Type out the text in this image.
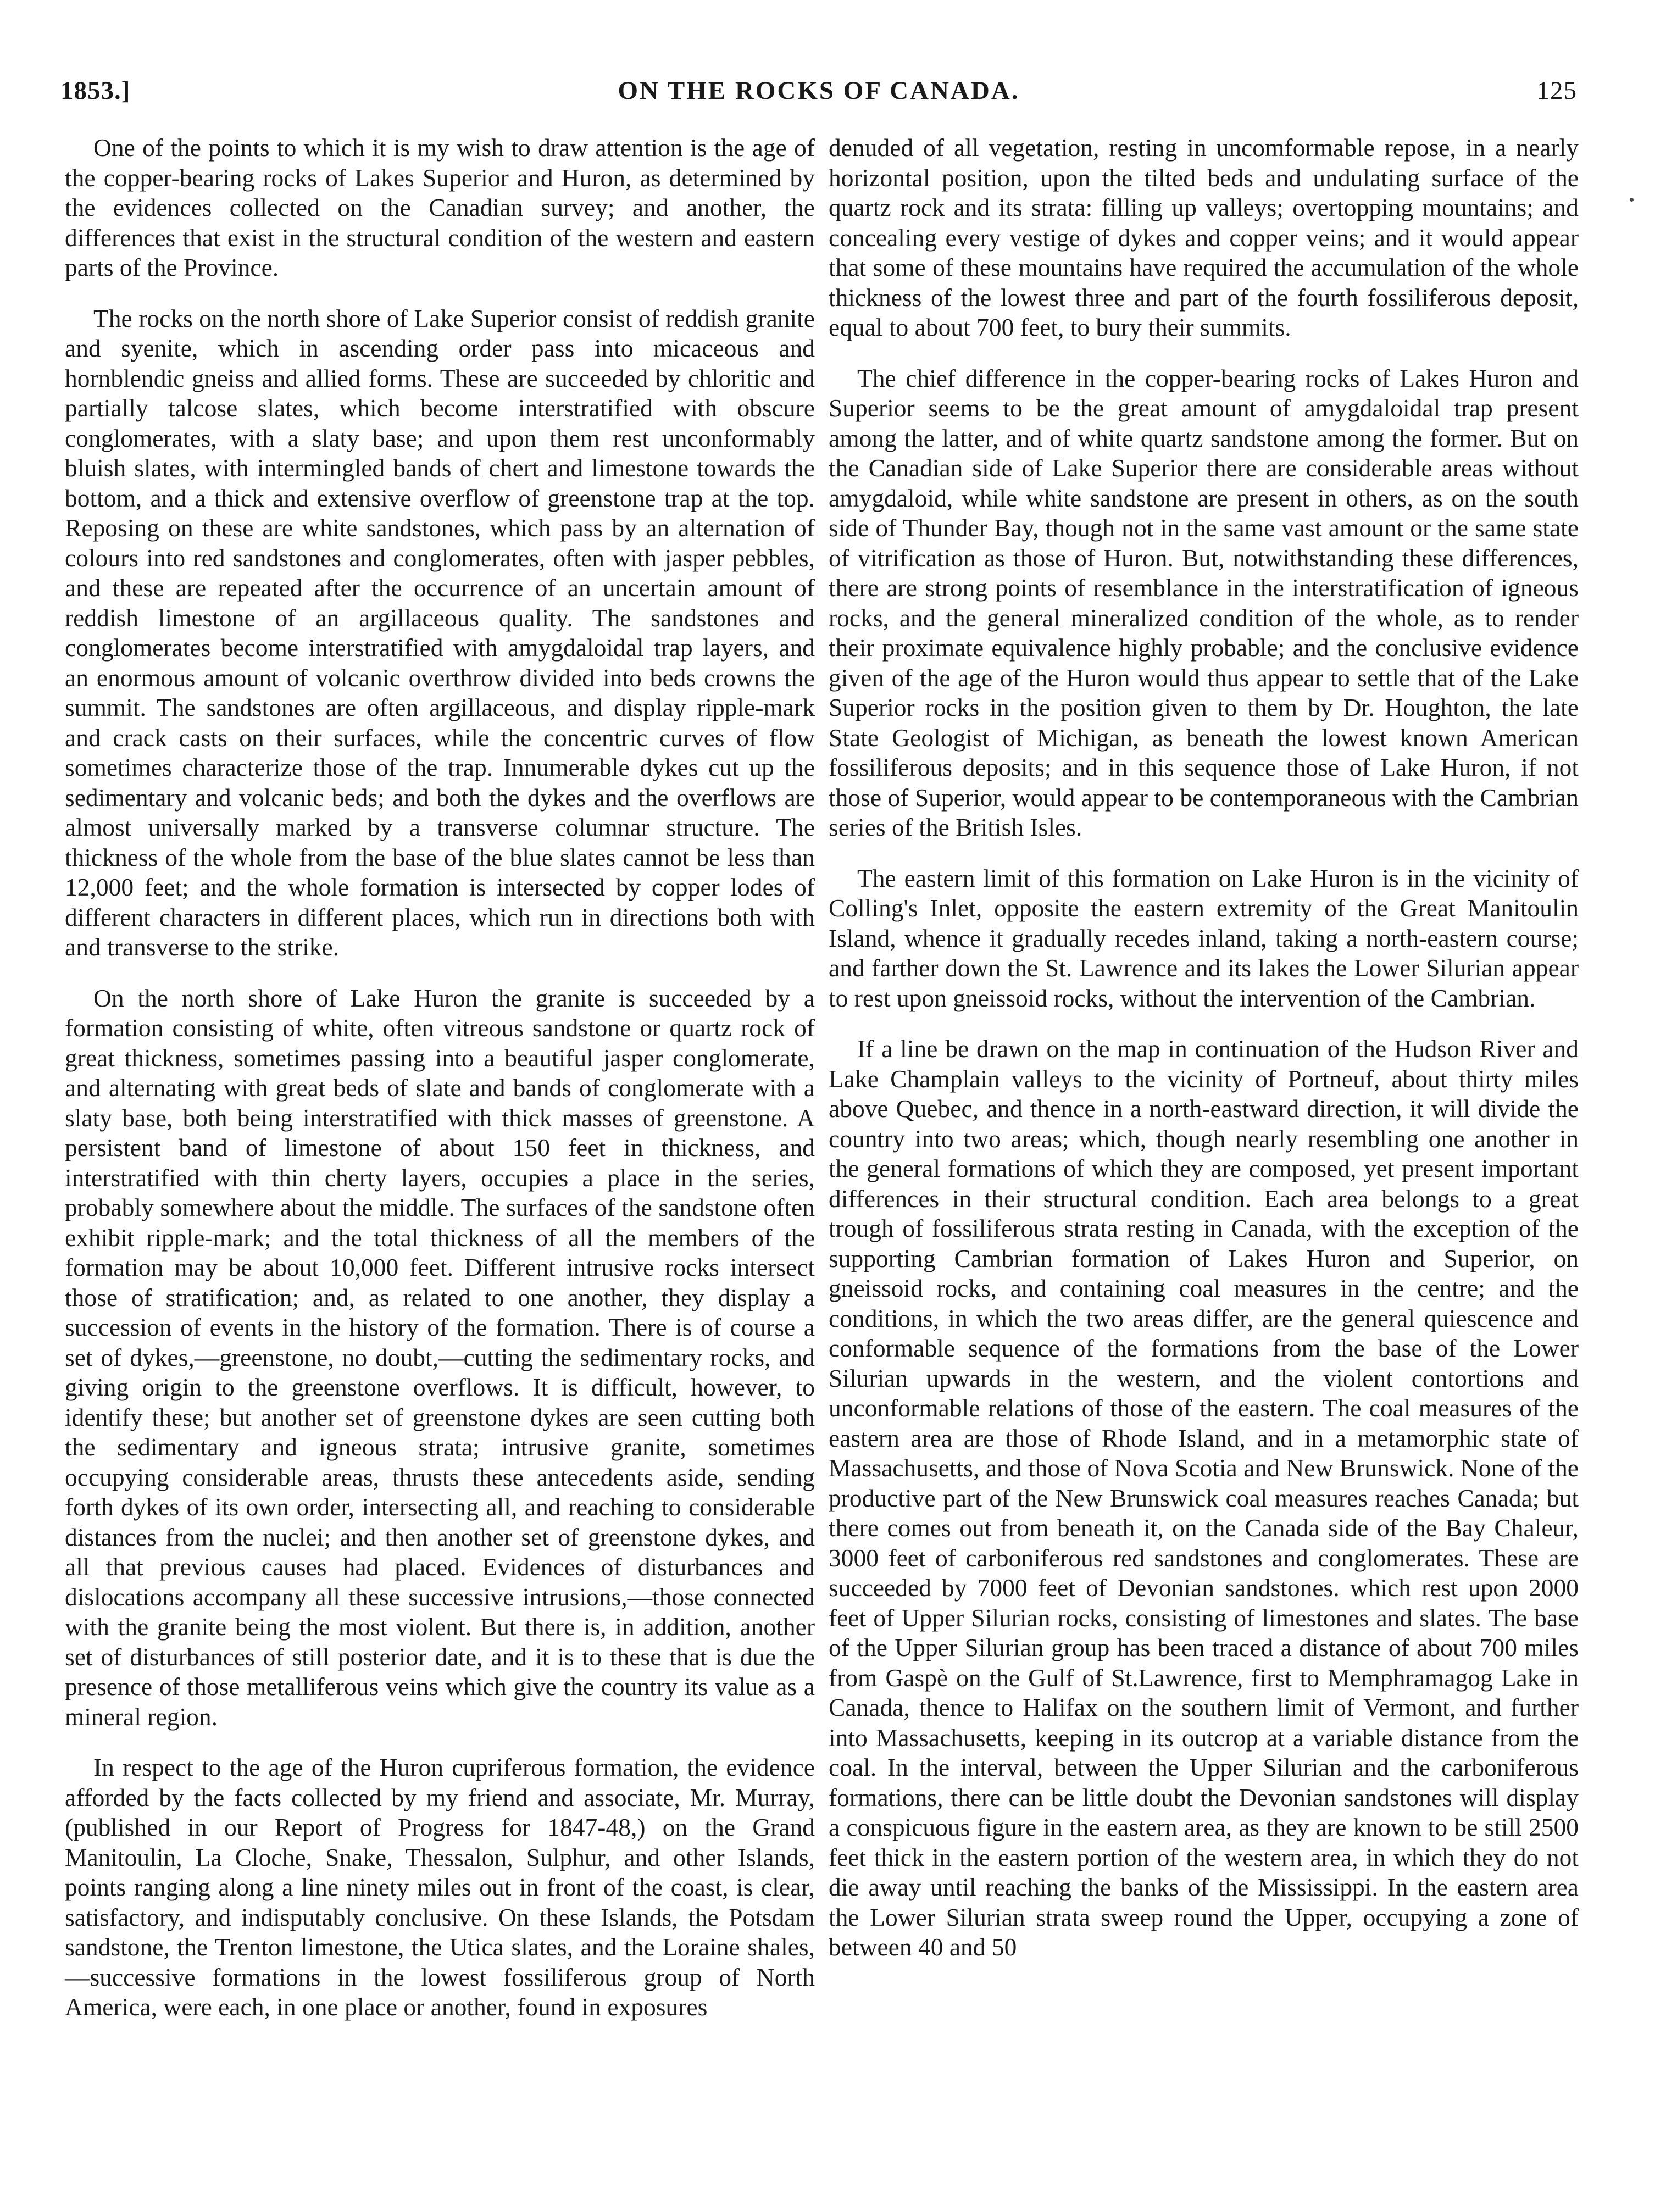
1853.]	ON THE ROCKS OF CANADA.	125

One of the points to which it is my wish to draw attention is the age of the copper-bearing rocks of Lakes Superior and Huron, as determined by the evidences collected on the Canadian survey; and another, the differences that exist in the structural condition of the western and eastern parts of the Province.

The rocks on the north shore of Lake Superior consist of reddish granite and syenite, which in ascending order pass into micaceous and hornblendic gneiss and allied forms. These are succeeded by chloritic and partially talcose slates, which become interstratified with obscure conglomerates, with a slaty base; and upon them rest unconformably bluish slates, with intermingled bands of chert and limestone towards the bottom, and a thick and extensive overflow of greenstone trap at the top. Reposing on these are white sandstones, which pass by an alternation of colours into red sandstones and conglomerates, often with jasper pebbles, and these are repeated after the occurrence of an uncertain amount of reddish limestone of an argillaceous quality. The sandstones and conglomerates become interstratified with amygdaloidal trap layers, and an enormous amount of volcanic overthrow divided into beds crowns the summit. The sandstones are often argillaceous, and display ripple-mark and crack casts on their surfaces, while the concentric curves of flow sometimes characterize those of the trap. Innumerable dykes cut up the sedimentary and volcanic beds; and both the dykes and the overflows are almost universally marked by a transverse columnar structure. The thickness of the whole from the base of the blue slates cannot be less than 12,000 feet; and the whole formation is intersected by copper lodes of different characters in different places, which run in directions both with and transverse to the strike.

On the north shore of Lake Huron the granite is succeeded by a formation consisting of white, often vitreous sandstone or quartz rock of great thickness, sometimes passing into a beautiful jasper conglomerate, and alternating with great beds of slate and bands of conglomerate with a slaty base, both being interstratified with thick masses of greenstone. A persistent band of limestone of about 150 feet in thickness, and interstratified with thin cherty layers, occupies a place in the series, probably somewhere about the middle. The surfaces of the sandstone often exhibit ripple-mark; and the total thickness of all the members of the formation may be about 10,000 feet. Different intrusive rocks intersect those of stratification; and, as related to one another, they display a succession of events in the history of the formation. There is of course a set of dykes,—greenstone, no doubt,—cutting the sedimentary rocks, and giving origin to the greenstone overflows. It is difficult, however, to identify these; but another set of greenstone dykes are seen cutting both the sedimentary and igneous strata; intrusive granite, sometimes occupying considerable areas, thrusts these antecedents aside, sending forth dykes of its own order, intersecting all, and reaching to considerable distances from the nuclei; and then another set of greenstone dykes, and all that previous causes had placed. Evidences of disturbances and dislocations accompany all these successive intrusions,—those connected with the granite being the most violent. But there is, in addition, another set of disturbances of still posterior date, and it is to these that is due the presence of those metalliferous veins which give the country its value as a mineral region.

In respect to the age of the Huron cupriferous formation, the evidence afforded by the facts collected by my friend and associate, Mr. Murray, (published in our Report of Progress for 1847-48,) on the Grand Manitoulin, La Cloche, Snake, Thessalon, Sulphur, and other Islands, points ranging along a line ninety miles out in front of the coast, is clear, satisfactory, and indisputably conclusive. On these Islands, the Potsdam sandstone, the Trenton limestone, the Utica slates, and the Loraine shales,—successive formations in the lowest fossiliferous group of North America, were each, in one place or another, found in exposures

denuded of all vegetation, resting in uncomformable repose, in a nearly horizontal position, upon the tilted beds and undulating surface of the quartz rock and its strata: filling up valleys; overtopping mountains; and concealing every vestige of dykes and copper veins; and it would appear that some of these mountains have required the accumulation of the whole thickness of the lowest three and part of the fourth fossiliferous deposit, equal to about 700 feet, to bury their summits.

The chief difference in the copper-bearing rocks of Lakes Huron and Superior seems to be the great amount of amygdaloidal trap present among the latter, and of white quartz sandstone among the former. But on the Canadian side of Lake Superior there are considerable areas without amygdaloid, while white sandstone are present in others, as on the south side of Thunder Bay, though not in the same vast amount or the same state of vitrification as those of Huron. But, notwithstanding these differences, there are strong points of resemblance in the interstratification of igneous rocks, and the general mineralized condition of the whole, as to render their proximate equivalence highly probable; and the conclusive evidence given of the age of the Huron would thus appear to settle that of the Lake Superior rocks in the position given to them by Dr. Houghton, the late State Geologist of Michigan, as beneath the lowest known American fossiliferous deposits; and in this sequence those of Lake Huron, if not those of Superior, would appear to be contemporaneous with the Cambrian series of the British Isles.

The eastern limit of this formation on Lake Huron is in the vicinity of Colling's Inlet, opposite the eastern extremity of the Great Manitoulin Island, whence it gradually recedes inland, taking a north-eastern course; and farther down the St. Lawrence and its lakes the Lower Silurian appear to rest upon gneissoid rocks, without the intervention of the Cambrian.

If a line be drawn on the map in continuation of the Hudson River and Lake Champlain valleys to the vicinity of Portneuf, about thirty miles above Quebec, and thence in a north-eastward direction, it will divide the country into two areas; which, though nearly resembling one another in the general formations of which they are composed, yet present important differences in their structural condition. Each area belongs to a great trough of fossiliferous strata resting in Canada, with the exception of the supporting Cambrian formation of Lakes Huron and Superior, on gneissoid rocks, and containing coal measures in the centre; and the conditions, in which the two areas differ, are the general quiescence and conformable sequence of the formations from the base of the Lower Silurian upwards in the western, and the violent contortions and unconformable relations of those of the eastern. The coal measures of the eastern area are those of Rhode Island, and in a metamorphic state of Massachusetts, and those of Nova Scotia and New Brunswick. None of the productive part of the New Brunswick coal measures reaches Canada; but there comes out from beneath it, on the Canada side of the Bay Chaleur, 3000 feet of carboniferous red sandstones and conglomerates. These are succeeded by 7000 feet of Devonian sandstones. which rest upon 2000 feet of Upper Silurian rocks, consisting of limestones and slates. The base of the Upper Silurian group has been traced a distance of about 700 miles from Gaspè on the Gulf of St.Lawrence, first to Memphramagog Lake in Canada, thence to Halifax on the southern limit of Vermont, and further into Massachusetts, keeping in its outcrop at a variable distance from the coal. In the interval, between the Upper Silurian and the carboniferous formations, there can be little doubt the Devonian sandstones will display a conspicuous figure in the eastern area, as they are known to be still 2500 feet thick in the eastern portion of the western area, in which they do not die away until reaching the banks of the Mississippi. In the eastern area the Lower Silurian strata sweep round the Upper, occupying a zone of between 40 and 50
